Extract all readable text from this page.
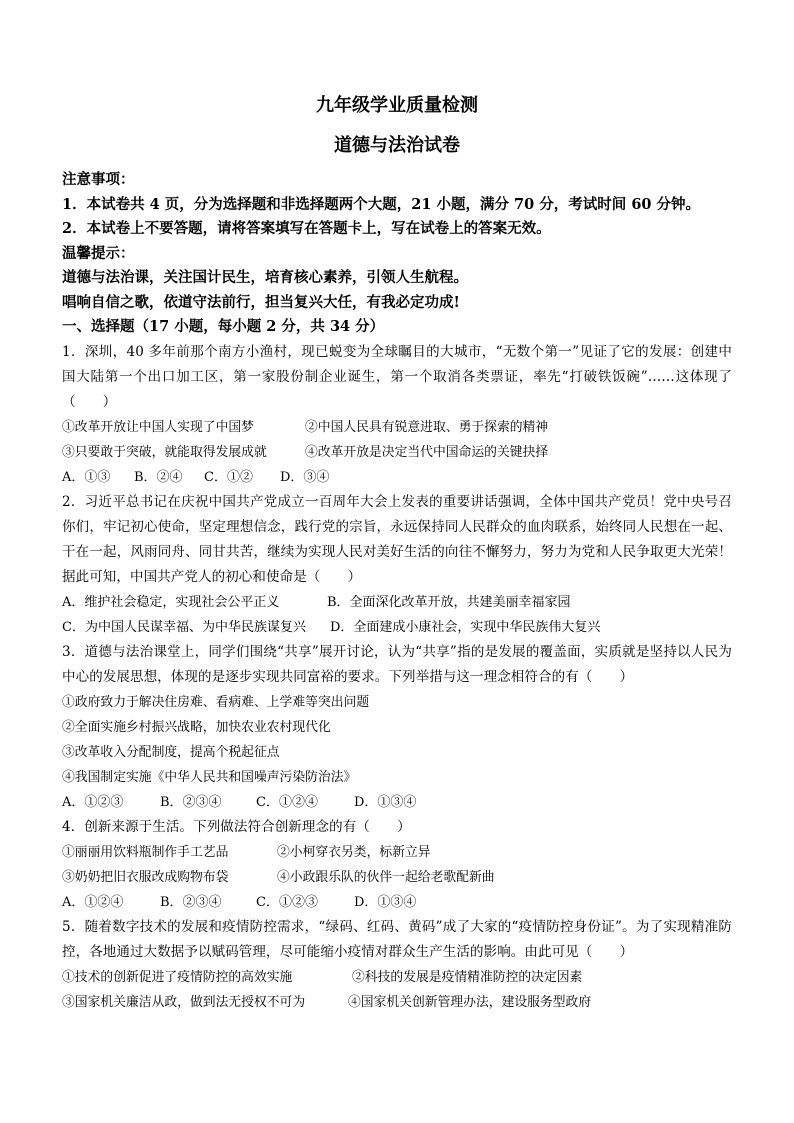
九年级学业质量检测

道德与法治试卷

注意事项：

1．本试卷共 4 页，分为选择题和非选择题两个大题，21 小题，满分 70 分，考试时间 60 分钟。

2．本试卷上不要答题，请将答案填写在答题卡上，写在试卷上的答案无效。

温馨提示：

道德与法治课，关注国计民生，培育核心素养，引领人生航程。

唱响自信之歌，依道守法前行，担当复兴大任，有我必定功成!

一、选择题（17 小题，每小题 2 分，共 34 分）

1．深圳，40 多年前那个南方小渔村，现已蜕变为全球瞩目的大城市，“无数个第一”见证了它的发展：创建中国大陆第一个出口加工区，第一家股份制企业诞生，第一个取消各类票证，率先“打破铁饭碗”……这体现了（　　）

①改革开放让中国人实现了中国梦	②中国人民具有锐意进取、勇于探索的精神

③只要敢于突破，就能取得发展成就	④改革开放是决定当代中国命运的关键抉择

A．①③ B．②④ C．①② D．③④

2．习近平总书记在庆祝中国共产党成立一百周年大会上发表的重要讲话强调，全体中国共产党员！党中央号召你们，牢记初心使命，坚定理想信念，践行党的宗旨，永远保持同人民群众的血肉联系，始终同人民想在一起、干在一起，风雨同舟、同甘共苦，继续为实现人民对美好生活的向往不懈努力，努力为党和人民争取更大光荣！据此可知，中国共产党人的初心和使命是（　　）

A．维护社会稳定，实现社会公平正义	B．全面深化改革开放，共建美丽幸福家园

C．为中国人民谋幸福、为中华民族谋复兴 D．全面建成小康社会，实现中华民族伟大复兴

3．道德与法治课堂上，同学们围绕“共享”展开讨论，认为“共享”指的是发展的覆盖面，实质就是坚持以人民为中心的发展思想，体现的是逐步实现共同富裕的要求。下列举措与这一理念相符合的有（　　）

①政府致力于解决住房难、看病难、上学难等突出问题

②全面实施乡村振兴战略，加快农业农村现代化

③改革收入分配制度，提高个税起征点

④我国制定实施《中华人民共和国噪声污染防治法》

A．①②③	B．②③④	C．①②④	D．①③④

4．创新来源于生活。下列做法符合创新理念的有（　　）

①丽丽用饮料瓶制作手工艺品	②小柯穿衣另类，标新立异

③奶奶把旧衣服改成购物布袋	④小政跟乐队的伙伴一起给老歌配新曲

A．①②④	B．②③④	C．①②③	D．①③④

5．随着数字技术的发展和疫情防控需求，“绿码、红码、黄码”成了大家的“疫情防控身份证”。为了实现精准防控，各地通过大数据予以赋码管理，尽可能缩小疫情对群众生产生活的影响。由此可见（　　）

①技术的创新促进了疫情防控的高效实施	②科技的发展是疫情精准防控的决定因素

③国家机关廉洁从政，做到法无授权不可为	④国家机关创新管理办法，建设服务型政府
